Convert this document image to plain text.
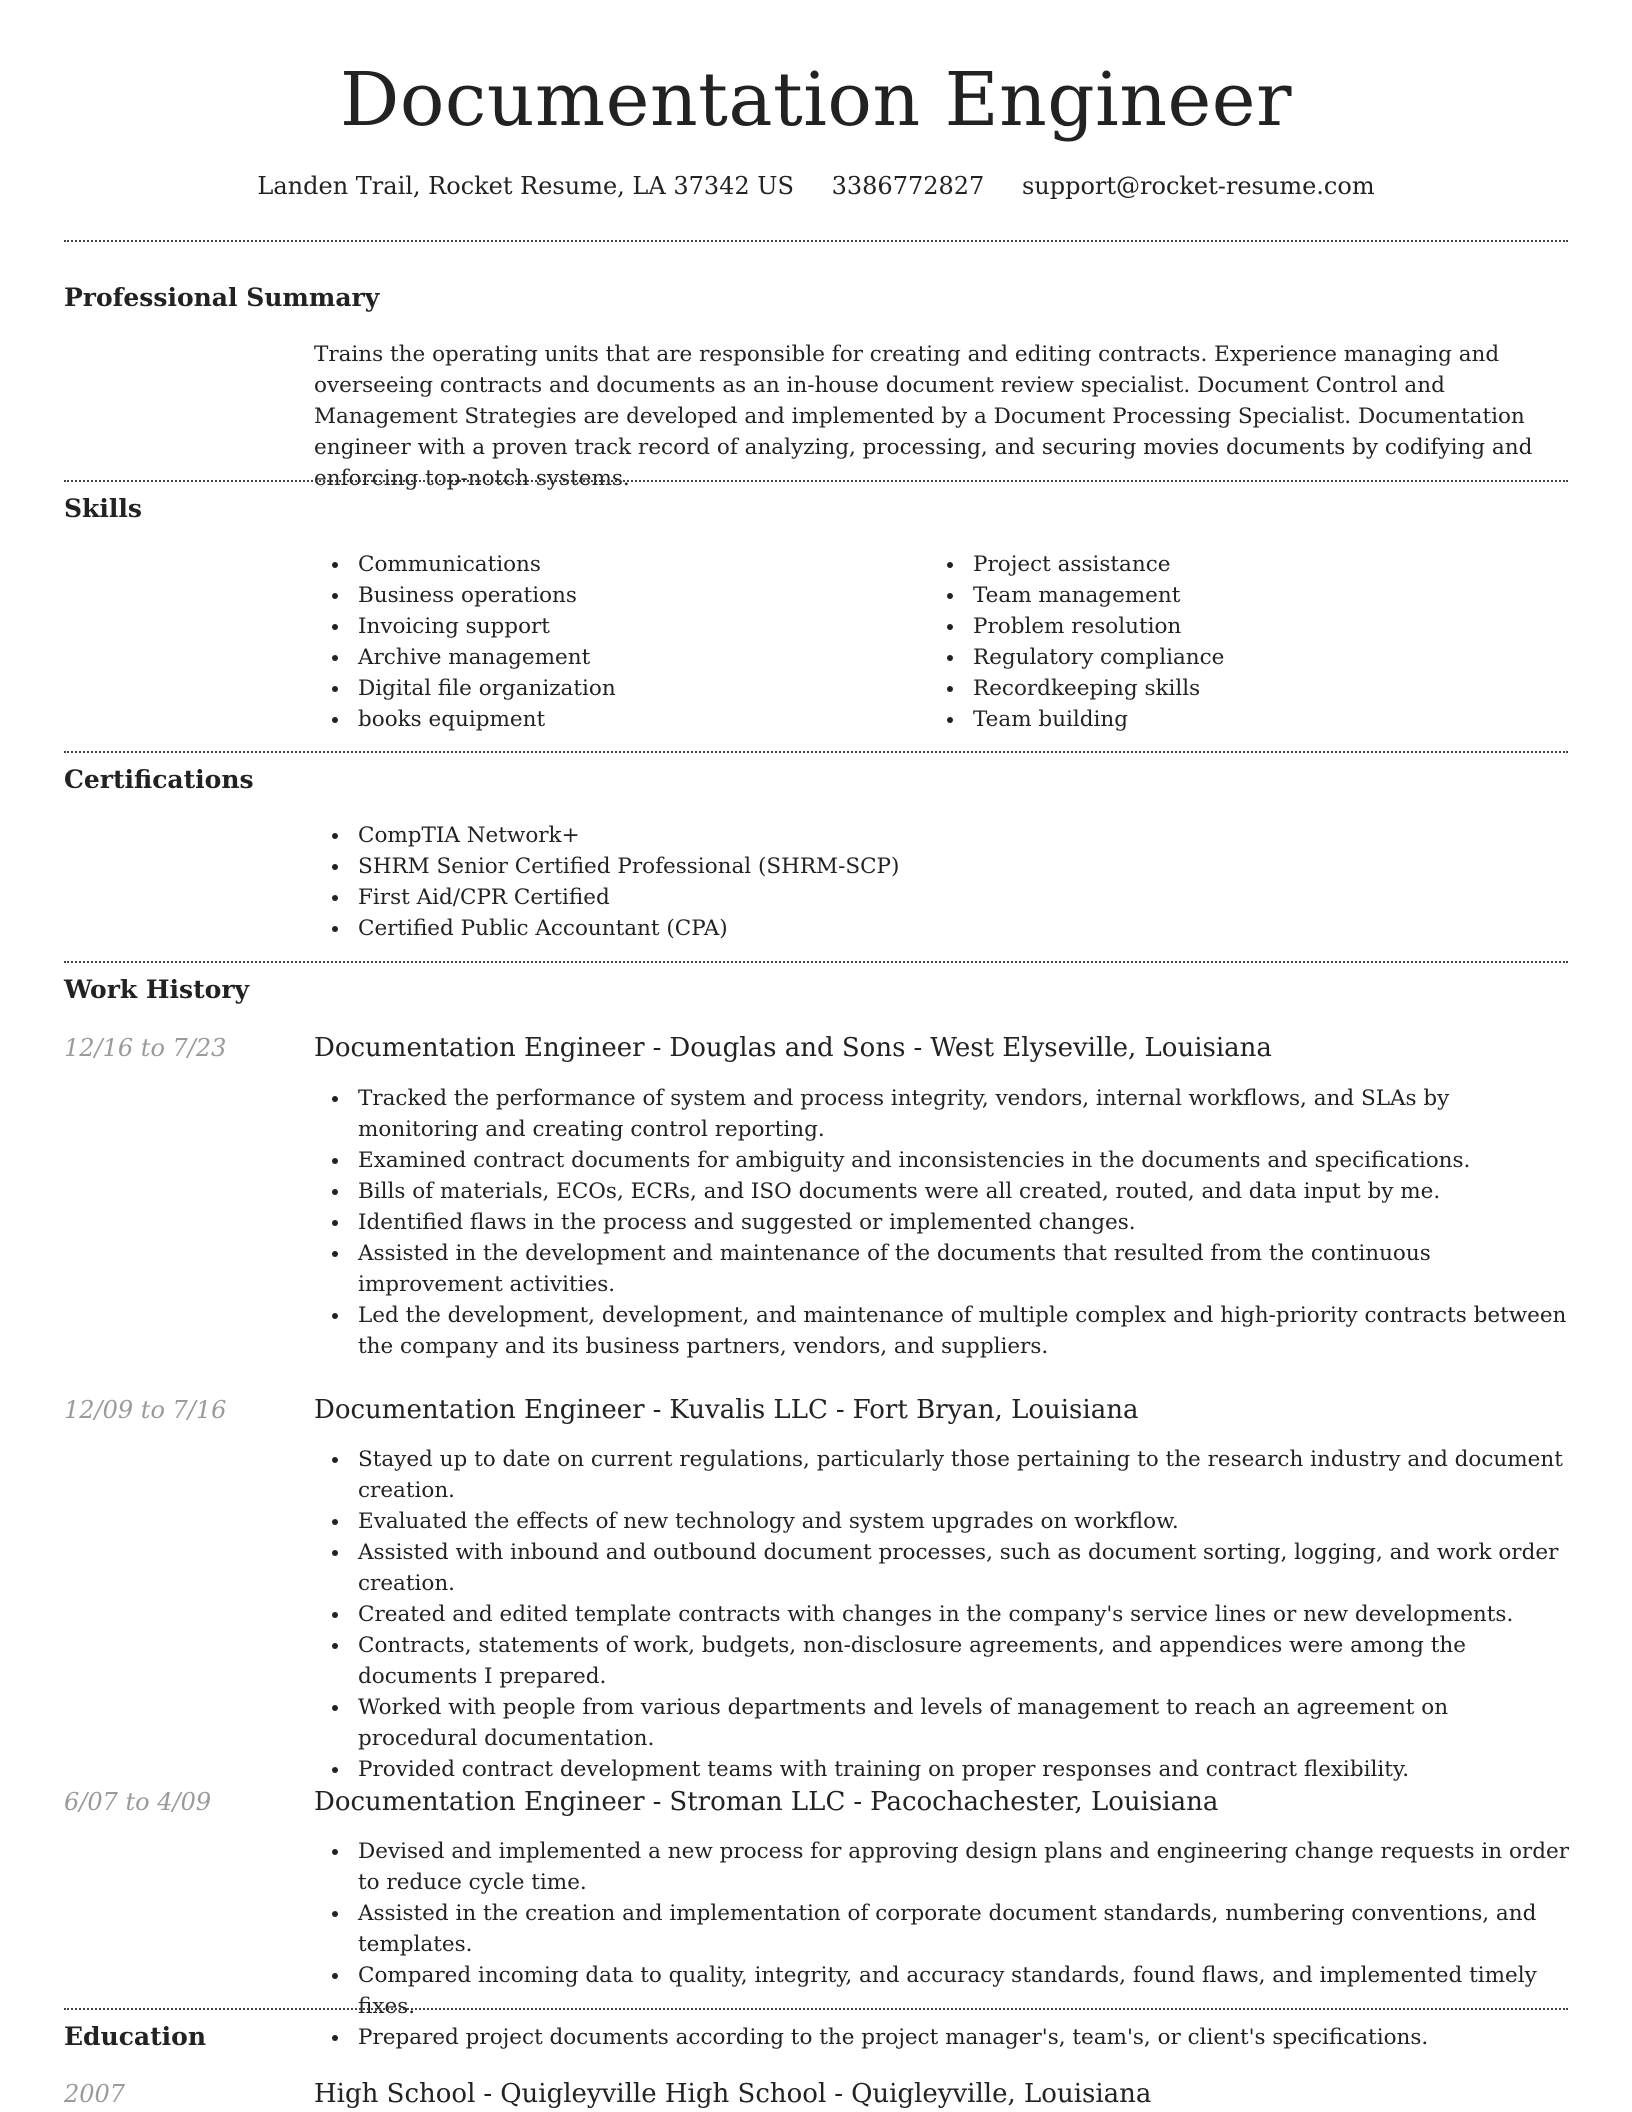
Documentation Engineer
Landen Trail, Rocket Resume, LA 37342 US 3386772827 support@rocket-resume.com
Professional Summary

Trains the operating units that are responsible for creating and editing contracts. Experience managing and overseeing contracts and documents as an in-house document review specialist. Document Control and Management Strategies are developed and implemented by a Document Processing Specialist. Documentation engineer with a proven track record of analyzing, processing, and securing movies documents by codifying and enforcing top-notch systems.

Skills
Communications
Business operations
Invoicing support
Archive management
Digital file organization
books equipment
Project assistance
Team management
Problem resolution
Regulatory compliance
Recordkeeping skills
Team building
Certifications
CompTIA Network+
SHRM Senior Certified Professional (SHRM-SCP)
First Aid/CPR Certified
Certified Public Accountant (CPA)
Work History
12/16 to 7/23	Documentation Engineer - Douglas and Sons - West Elyseville, Louisiana
Tracked the performance of system and process integrity, vendors, internal workflows, and SLAs by monitoring and creating control reporting.
Examined contract documents for ambiguity and inconsistencies in the documents and specifications.
Bills of materials, ECOs, ECRs, and ISO documents were all created, routed, and data input by me.
Identified flaws in the process and suggested or implemented changes.
Assisted in the development and maintenance of the documents that resulted from the continuous improvement activities.
Led the development, development, and maintenance of multiple complex and high-priority contracts between the company and its business partners, vendors, and suppliers.
12/09 to 7/16	Documentation Engineer - Kuvalis LLC - Fort Bryan, Louisiana
Stayed up to date on current regulations, particularly those pertaining to the research industry and document creation.
Evaluated the effects of new technology and system upgrades on workflow.
Assisted with inbound and outbound document processes, such as document sorting, logging, and work order creation.
Created and edited template contracts with changes in the company's service lines or new developments.
Contracts, statements of work, budgets, non-disclosure agreements, and appendices were among the documents I prepared.
Worked with people from various departments and levels of management to reach an agreement on procedural documentation.
Provided contract development teams with training on proper responses and contract flexibility.
6/07 to 4/09	Documentation Engineer - Stroman LLC - Pacochachester, Louisiana
Devised and implemented a new process for approving design plans and engineering change requests in order to reduce cycle time.
Assisted in the creation and implementation of corporate document standards, numbering conventions, and templates.
Compared incoming data to quality, integrity, and accuracy standards, found flaws, and implemented timely fixes.
Prepared project documents according to the project manager's, team's, or client's specifications.
Education
2007	High School - Quigleyville High School - Quigleyville, Louisiana
